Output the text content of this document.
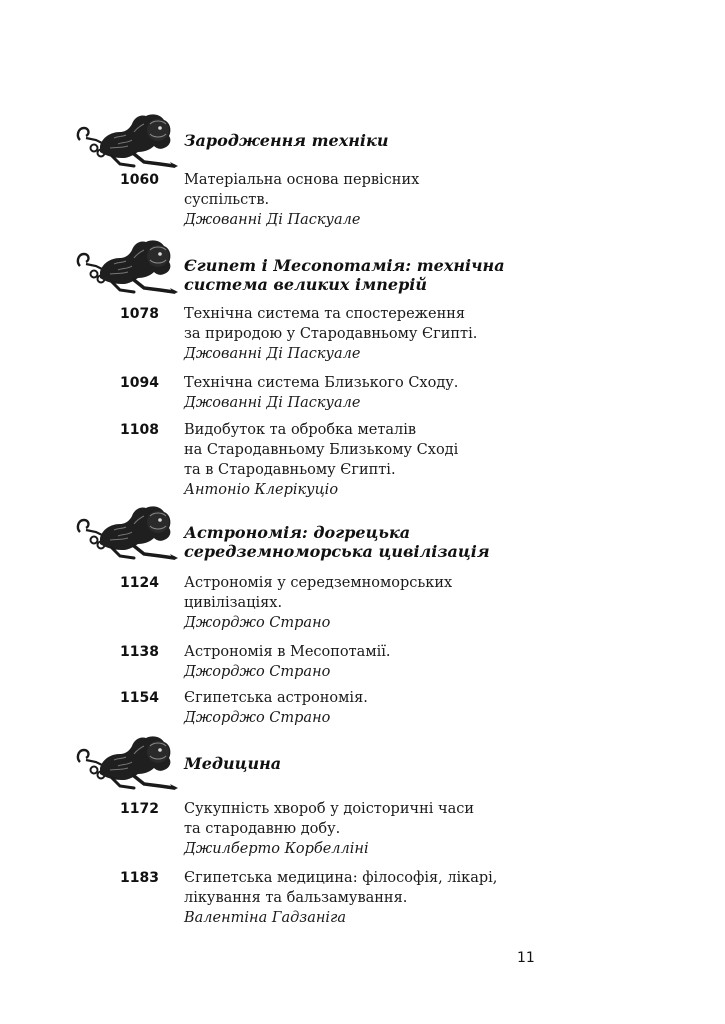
Зародження техніки
1060 Матеріальна основа первісних
суспільств.
Джованні Ді Паскуале
Єгипет і Месопотамія: технічна
система великих імперій
1078 Технічна система та спостереження
за природою у Стародавньому Єгипті.
Джованні Ді Паскуале
1094 Технічна система Близького Сходу.
Джованні Ді Паскуале
1108 Видобуток та обробка металів
на Стародавньому Близькому Сході
та в Стародавньому Єгипті.
Антоніо Клерікуціо
Астрономія: догрецька
середземноморська цивілізація
1124 Астрономія у середземноморських
цивілізаціях.
Джорджо Страно
1138 Астрономія в Месопотамії.
Джорджо Страно
1154 Єгипетська астрономія.
Джорджо Страно
Медицина
1172 Сукупність хвороб у доісторичні часи
та стародавню добу.
Джилберто Корбелліні
1183 Єгипетська медицина: філософія, лікарі,
лікування та бальзамування.
Валентіна Гадзаніга
11
